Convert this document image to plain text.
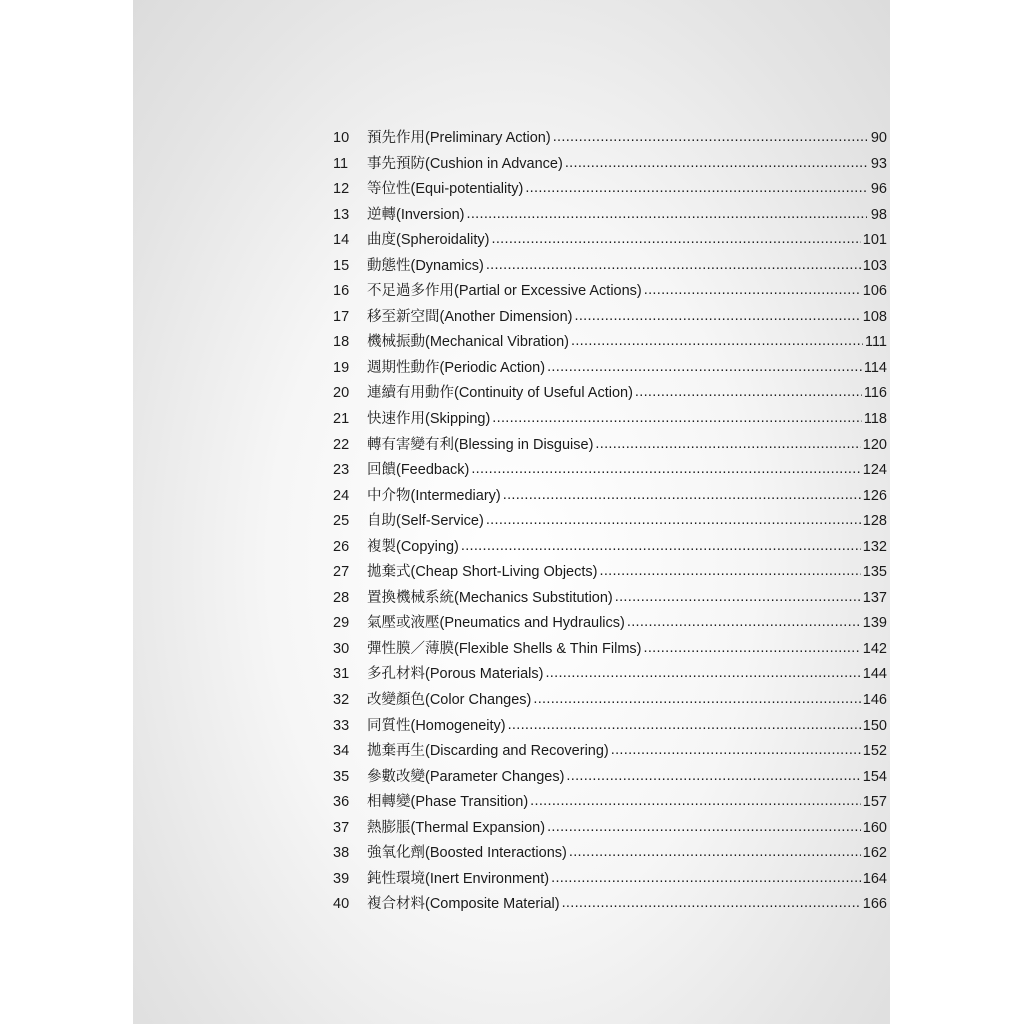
10	預先作用(Preliminary Action) .....	90
11	事先預防(Cushion in Advance) .....	93
12	等位性(Equi-potentiality) .....	96
13	逆轉(Inversion) .....	98
14	曲度(Spheroidality) .....	101
15	動態性(Dynamics) .....	103
16	不足過多作用(Partial or Excessive Actions) .....	106
17	移至新空間(Another Dimension) .....	108
18	機械振動(Mechanical Vibration) .....	111
19	週期性動作(Periodic Action) .....	114
20	連續有用動作(Continuity of Useful Action) .....	116
21	快速作用(Skipping) .....	118
22	轉有害變有利(Blessing in Disguise) .....	120
23	回饋(Feedback) .....	124
24	中介物(Intermediary) .....	126
25	自助(Self-Service) .....	128
26	複製(Copying) .....	132
27	拋棄式(Cheap Short-Living Objects) .....	135
28	置換機械系統(Mechanics Substitution) .....	137
29	氣壓或液壓(Pneumatics and Hydraulics) .....	139
30	彈性膜／薄膜(Flexible Shells & Thin Films) .....	142
31	多孔材料(Porous Materials) .....	144
32	改變顏色(Color Changes) .....	146
33	同質性(Homogeneity) .....	150
34	拋棄再生(Discarding and Recovering) .....	152
35	參數改變(Parameter Changes) .....	154
36	相轉變(Phase Transition) .....	157
37	熱膨脹(Thermal Expansion) .....	160
38	強氧化劑(Boosted Interactions) .....	162
39	鈍性環境(Inert Environment) .....	164
40	複合材料(Composite Material) .....	166
